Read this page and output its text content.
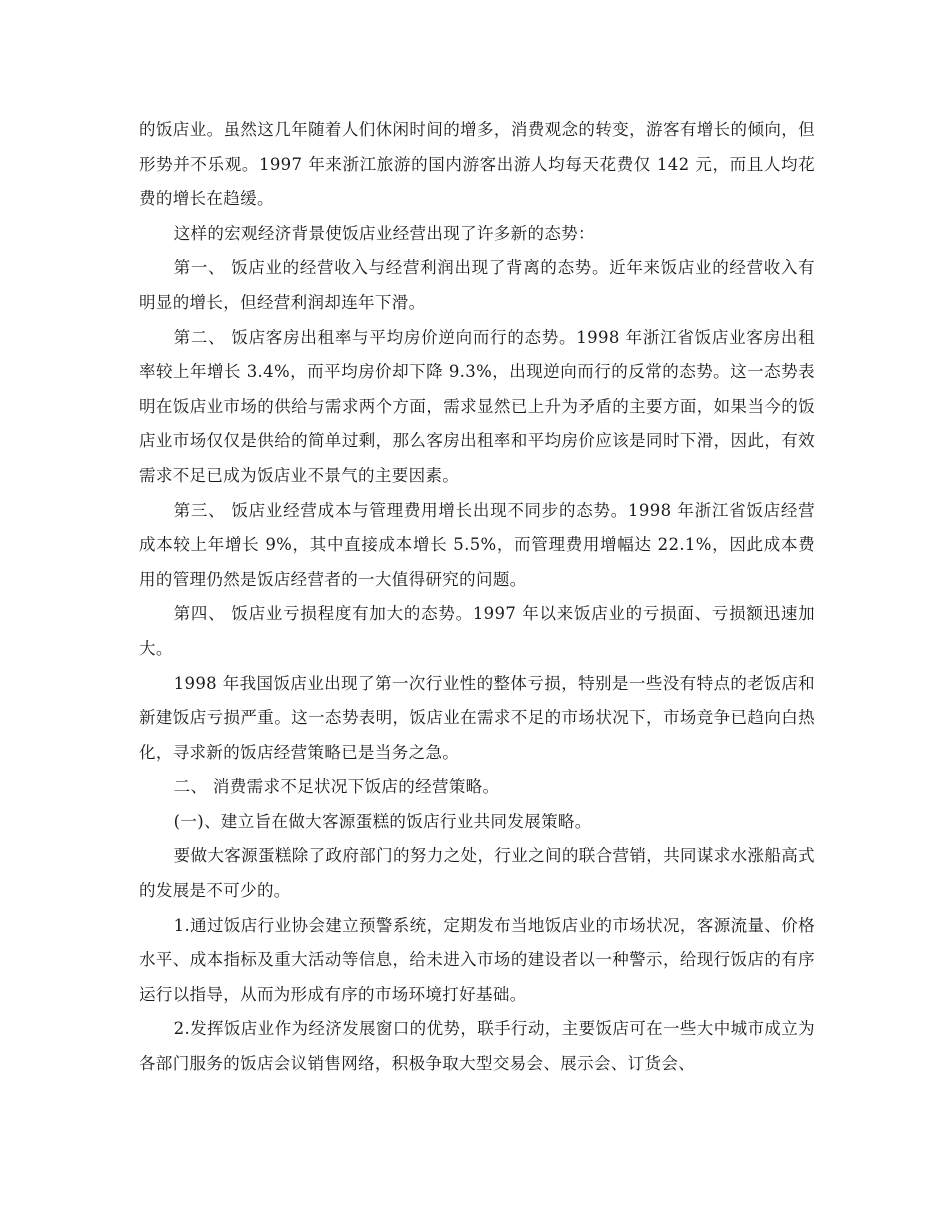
的饭店业。虽然这几年随着人们休闲时间的增多，消费观念的转变，游客有增长的倾向，但形势并不乐观。1997 年来浙江旅游的国内游客出游人均每天花费仅 142 元，而且人均花费的增长在趋缓。

这样的宏观经济背景使饭店业经营出现了许多新的态势：

第一、 饭店业的经营收入与经营利润出现了背离的态势。近年来饭店业的经营收入有明显的增长，但经营利润却连年下滑。

第二、 饭店客房出租率与平均房价逆向而行的态势。1998 年浙江省饭店业客房出租率较上年增长 3.4%，而平均房价却下降 9.3%，出现逆向而行的反常的态势。这一态势表明在饭店业市场的供给与需求两个方面，需求显然已上升为矛盾的主要方面，如果当今的饭店业市场仅仅是供给的简单过剩，那么客房出租率和平均房价应该是同时下滑，因此，有效需求不足已成为饭店业不景气的主要因素。

第三、 饭店业经营成本与管理费用增长出现不同步的态势。1998 年浙江省饭店经营成本较上年增长 9%，其中直接成本增长 5.5%，而管理费用增幅达 22.1%，因此成本费用的管理仍然是饭店经营者的一大值得研究的问题。

第四、 饭店业亏损程度有加大的态势。1997 年以来饭店业的亏损面、亏损额迅速加大。

1998 年我国饭店业出现了第一次行业性的整体亏损，特别是一些没有特点的老饭店和新建饭店亏损严重。这一态势表明，饭店业在需求不足的市场状况下，市场竞争已趋向白热化，寻求新的饭店经营策略已是当务之急。

二、 消费需求不足状况下饭店的经营策略。

(一)、建立旨在做大客源蛋糕的饭店行业共同发展策略。

要做大客源蛋糕除了政府部门的努力之处，行业之间的联合营销，共同谋求水涨船高式的发展是不可少的。

1.通过饭店行业协会建立预警系统，定期发布当地饭店业的市场状况，客源流量、价格水平、成本指标及重大活动等信息，给未进入市场的建设者以一种警示，给现行饭店的有序运行以指导，从而为形成有序的市场环境打好基础。

2.发挥饭店业作为经济发展窗口的优势，联手行动，主要饭店可在一些大中城市成立为各部门服务的饭店会议销售网络，积极争取大型交易会、展示会、订货会、
